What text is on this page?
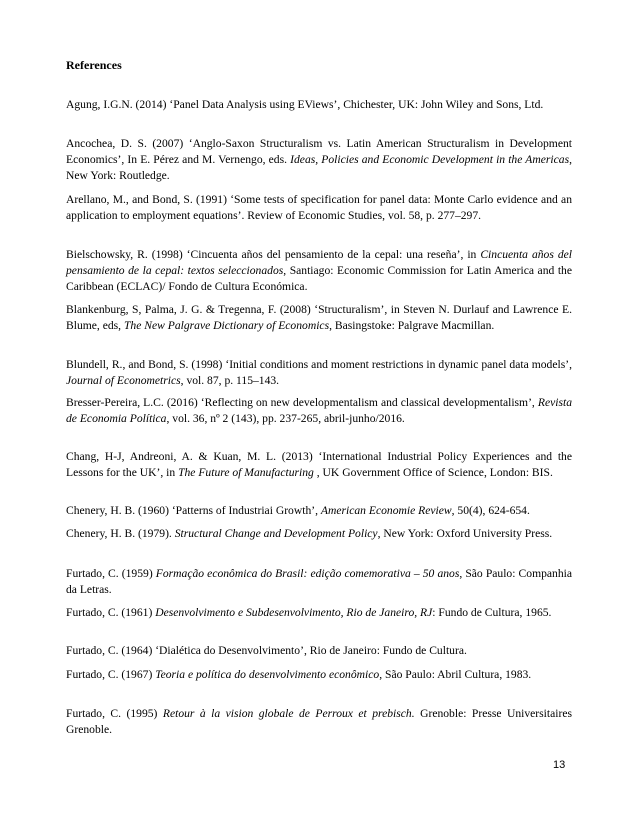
References

Agung, I.G.N. (2014) ‘Panel Data Analysis using EViews’, Chichester, UK: John Wiley and Sons, Ltd.

Ancochea, D. S. (2007) ‘Anglo-Saxon Structuralism vs. Latin American Structuralism in Development Economics’, In E. Pérez and M. Vernengo, eds. Ideas, Policies and Economic Development in the Americas, New York: Routledge.

Arellano, M., and Bond, S. (1991) ‘Some tests of specification for panel data: Monte Carlo evidence and an application to employment equations’. Review of Economic Studies, vol. 58, p. 277–297.

Bielschowsky, R. (1998) ‘Cincuenta años del pensamiento de la cepal: una reseña’, in Cincuenta años del pensamiento de la cepal: textos seleccionados, Santiago: Economic Commission for Latin America and the Caribbean (ECLAC)/ Fondo de Cultura Económica.

Blankenburg, S, Palma, J. G. & Tregenna, F. (2008) ‘Structuralism’, in Steven N. Durlauf and Lawrence E. Blume, eds, The New Palgrave Dictionary of Economics, Basingstoke: Palgrave Macmillan.

Blundell, R., and Bond, S. (1998) ‘Initial conditions and moment restrictions in dynamic panel data models’, Journal of Econometrics, vol. 87, p. 115–143.

Bresser-Pereira, L.C. (2016) ‘Reflecting on new developmentalism and classical developmentalism’, Revista de Economia Política, vol. 36, nº 2 (143), pp. 237-265, abril-junho/2016.

Chang, H-J, Andreoni, A. & Kuan, M. L. (2013) ‘International Industrial Policy Experiences and the Lessons for the UK’, in The Future of Manufacturing , UK Government Office of Science, London: BIS.

Chenery, H. B. (1960) ‘Patterns of Industriai Growth’, American Economie Review, 50(4), 624-654.

Chenery, H. B. (1979). Structural Change and Development Policy, New York: Oxford University Press.

Furtado, C. (1959) Formação econômica do Brasil: edição comemorativa – 50 anos, São Paulo: Companhia da Letras.

Furtado, C. (1961) Desenvolvimento e Subdesenvolvimento, Rio de Janeiro, RJ: Fundo de Cultura, 1965.

Furtado, C. (1964) ‘Dialética do Desenvolvimento’, Rio de Janeiro: Fundo de Cultura.

Furtado, C. (1967) Teoria e política do desenvolvimento econômico, São Paulo: Abril Cultura, 1983.

Furtado, C. (1995) Retour à la vision globale de Perroux et prebisch. Grenoble: Presse Universitaires Grenoble.

13
